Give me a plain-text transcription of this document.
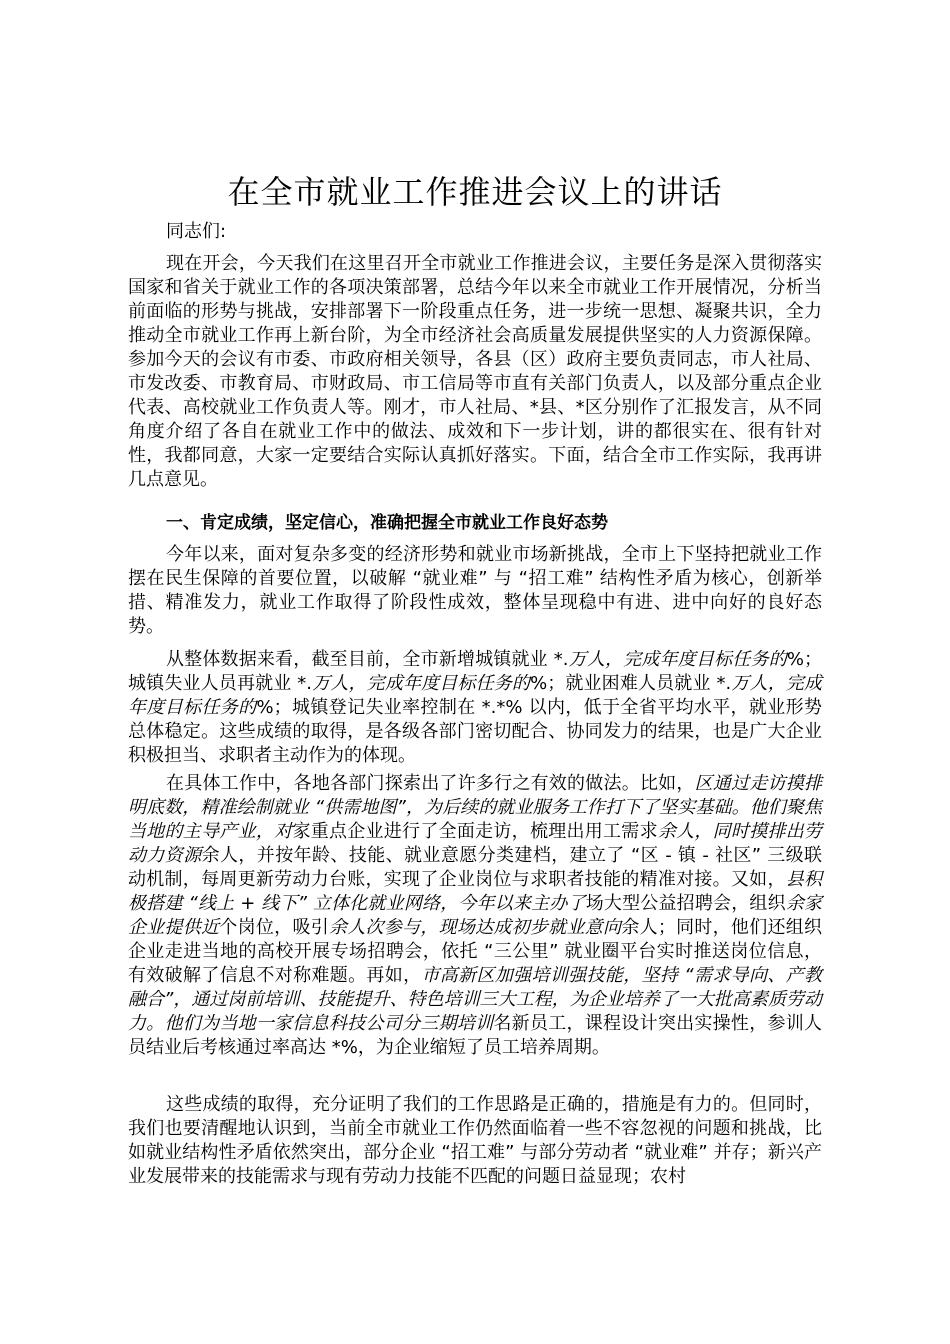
在全市就业工作推进会议上的讲话

同志们:

现在开会，今天我们在这里召开全市就业工作推进会议，主要任务是深入贯彻落实国家和省关于就业工作的各项决策部署，总结今年以来全市就业工作开展情况，分析当前面临的形势与挑战，安排部署下一阶段重点任务，进一步统一思想、凝聚共识，全力推动全市就业工作再上新台阶，为全市经济社会高质量发展提供坚实的人力资源保障。参加今天的会议有市委、市政府相关领导，各县（区）政府主要负责同志，市人社局、市发改委、市教育局、市财政局、市工信局等市直有关部门负责人，以及部分重点企业代表、高校就业工作负责人等。刚才，市人社局、*县、*区分别作了汇报发言，从不同角度介绍了各自在就业工作中的做法、成效和下一步计划，讲的都很实在、很有针对性，我都同意，大家一定要结合实际认真抓好落实。下面，结合全市工作实际，我再讲几点意见。

一、肯定成绩，坚定信心，准确把握全市就业工作良好态势

今年以来，面对复杂多变的经济形势和就业市场新挑战，全市上下坚持把就业工作摆在民生保障的首要位置，以破解 “就业难” 与 “招工难” 结构性矛盾为核心，创新举措、精准发力，就业工作取得了阶段性成效，整体呈现稳中有进、进中向好的良好态势。

从整体数据来看，截至目前，全市新增城镇就业 *.万人，完成年度目标任务的%；城镇失业人员再就业 *.万人，完成年度目标任务的%；就业困难人员就业 *.万人，完成年度目标任务的%；城镇登记失业率控制在 *.*% 以内，低于全省平均水平，就业形势总体稳定。这些成绩的取得，是各级各部门密切配合、协同发力的结果，也是广大企业积极担当、求职者主动作为的体现。

在具体工作中，各地各部门探索出了许多行之有效的做法。比如，区通过走访摸排明底数，精准绘制就业 “供需地图”，为后续的就业服务工作打下了坚实基础。他们聚焦当地的主导产业，对家重点企业进行了全面走访，梳理出用工需求余人，同时摸排出劳动力资源余人，并按年龄、技能、就业意愿分类建档，建立了 “区 - 镇 - 社区” 三级联动机制，每周更新劳动力台账，实现了企业岗位与求职者技能的精准对接。又如，县积极搭建 “线上 + 线下” 立体化就业网络，今年以来主办了场大型公益招聘会，组织余家企业提供近个岗位，吸引余人次参与，现场达成初步就业意向余人；同时，他们还组织企业走进当地的高校开展专场招聘会，依托 “三公里” 就业圈平台实时推送岗位信息，有效破解了信息不对称难题。再如，市高新区加强培训强技能，坚持 “需求导向、产教融合”，通过岗前培训、技能提升、特色培训三大工程，为企业培养了一大批高素质劳动力。他们为当地一家信息科技公司分三期培训名新员工，课程设计突出实操性，参训人员结业后考核通过率高达 *%，为企业缩短了员工培养周期。

这些成绩的取得，充分证明了我们的工作思路是正确的，措施是有力的。但同时，我们也要清醒地认识到，当前全市就业工作仍然面临着一些不容忽视的问题和挑战，比如就业结构性矛盾依然突出，部分企业 “招工难” 与部分劳动者 “就业难” 并存；新兴产业发展带来的技能需求与现有劳动力技能不匹配的问题日益显现；农村
